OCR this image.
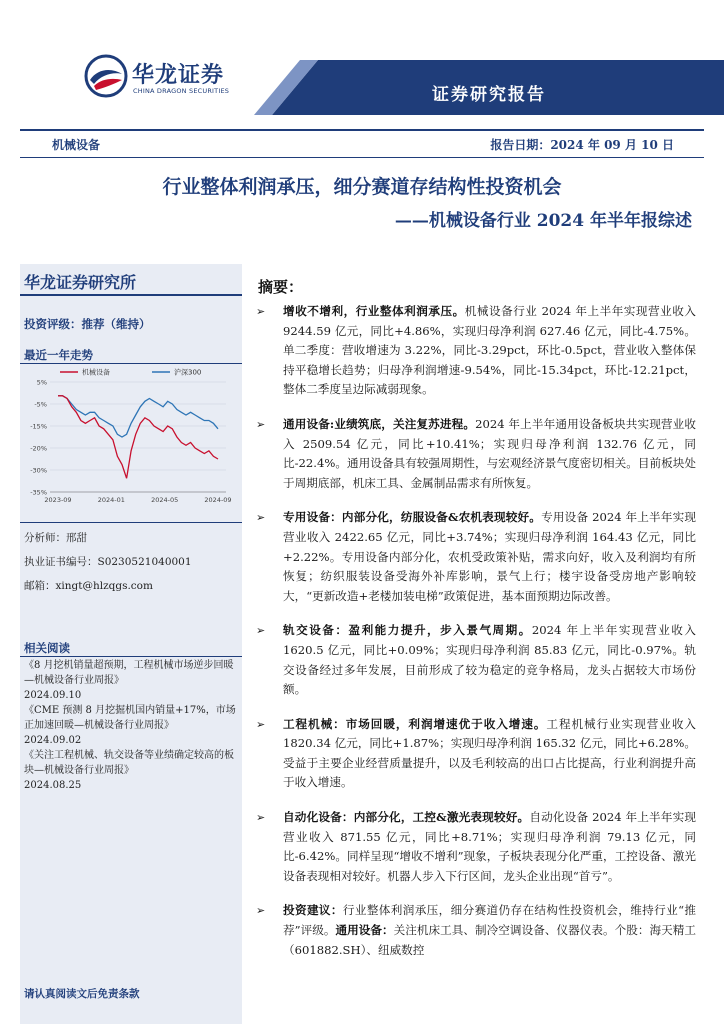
证券研究报告
华龙证券
CHINA DRAGON SECURITIES
机械设备	报告日期：2024 年 09 月 10 日
行业整体利润承压，细分赛道存结构性投资机会
——机械设备行业 2024 年半年报综述
华龙证券研究所
投资评级：推荐（维持）
最近一年走势
5%
-5%
-15%
-20%
-30%
-35%
2023-09	2024-01	2024-05	2024-09
机械设备	沪深300
分析师：邢甜
执业证书编号：S0230521040001
邮箱：xingt@hlzqgs.com
相关阅读
《8 月挖机销量超预期，工程机械市场逆步回暖—机械设备行业周报》
2024.09.10
《CME 预测 8 月挖掘机国内销量+17%，市场正加速回暖—机械设备行业周报》
2024.09.02
《关注工程机械、轨交设备等业绩确定较高的板块—机械设备行业周报》
2024.08.25
请认真阅读文后免责条款
摘要：
➢ 增收不增利，行业整体利润承压。机械设备行业 2024 年上半年实现营业收入 9244.59 亿元，同比+4.86%，实现归母净利润 627.46 亿元，同比-4.75%。单二季度：营收增速为 3.22%，同比-3.29pct，环比-0.5pct，营业收入整体保持平稳增长趋势；归母净利润增速-9.54%，同比-15.34pct，环比-12.21pct，整体二季度呈边际减弱现象。
➢ 通用设备:业绩筑底，关注复苏进程。2024 年上半年通用设备板块共实现营业收入 2509.54 亿元，同比+10.41%；实现归母净利润 132.76 亿元，同比-22.4%。通用设备具有较强周期性，与宏观经济景气度密切相关。目前板块处于周期底部，机床工具、金属制品需求有所恢复。
➢ 专用设备：内部分化，纺服设备&农机表现较好。专用设备 2024 年上半年实现营业收入 2422.65 亿元，同比+3.74%；实现归母净利润 164.43 亿元，同比+2.22%。专用设备内部分化，农机受政策补贴，需求向好，收入及利润均有所恢复；纺织服装设备受海外补库影响，景气上行；楼宇设备受房地产影响较大，“更新改造+老楼加装电梯”政策促进，基本面预期边际改善。
➢ 轨交设备：盈利能力提升，步入景气周期。2024 年上半年实现营业收入 1620.5 亿元，同比+0.09%；实现归母净利润 85.83 亿元，同比-0.97%。轨交设备经过多年发展，目前形成了较为稳定的竞争格局，龙头占据较大市场份额。
➢ 工程机械：市场回暖，利润增速优于收入增速。工程机械行业实现营业收入 1820.34 亿元，同比+1.87%；实现归母净利润 165.32 亿元，同比+6.28%。受益于主要企业经营质量提升，以及毛利较高的出口占比提高，行业利润提升高于收入增速。
➢ 自动化设备：内部分化，工控&激光表现较好。自动化设备 2024 年上半年实现营业收入 871.55 亿元，同比+8.71%；实现归母净利润 79.13 亿元，同比-6.42%。同样呈现“增收不增利”现象，子板块表现分化严重，工控设备、激光设备表现相对较好。机器人步入下行区间，龙头企业出现“首亏”。
➢ 投资建议：行业整体利润承压，细分赛道仍存在结构性投资机会，维持行业“推荐”评级。通用设备：关注机床工具、制冷空调设备、仪器仪表。个股：海天精工（601882.SH）、纽威数控
